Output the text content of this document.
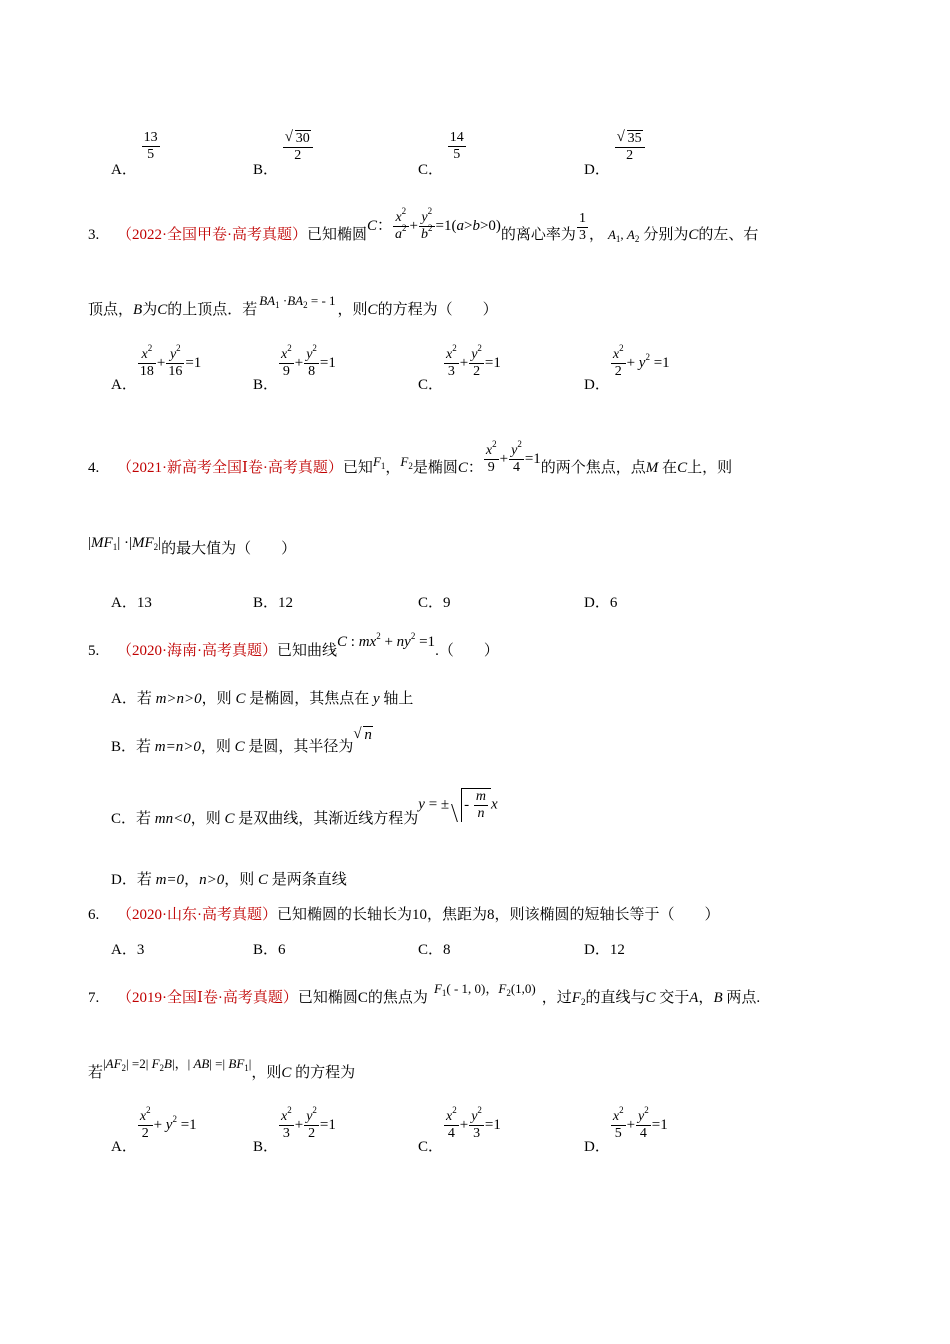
A．
$\frac{13}{5}$
B．
√ $\frac{30}{2}$
C．
$\frac{14}{5}$
D．
√ $\frac{35}{2}$
3. （2022·全国甲卷·高考真题）已知椭圆C： $\frac{x^2}{a^2} + \frac{y^2}{b^2} =1(a>b>0)$的离心率为 $\frac{1}{3}$ ， $A_1$, $A_2$ 分别为C的左、右
顶点，B为C的上顶点．若$BA_1 \cdot BA_2$ = - 1，则C的方程为（　　）
A．
$\frac{x^2}{18} + \frac{y^2}{16} =1$
B．
$\frac{x^2}{9} + \frac{y^2}{8} =1$
C．
$\frac{x^2}{3} + \frac{y^2}{2} =1$
D．
$\frac{x^2}{2} + y^2 =1$
4. （2021·新高考全国Ⅰ卷·高考真题）已知$F_1$，$F_2$是椭圆C： $\frac{x^2}{9} + \frac{y^2}{4} =1$的两个焦点，点M 在C上，则
$|MF_1| \cdot|MF_2|$的最大值为（　　）
A．13	B．12	C．9	D．6
5. （2020·海南·高考真题）已知曲线C : $mx^2 + ny^2 =1$.（　　）
A．若 m>n>0，则 C 是椭圆，其焦点在 y 轴上
B．若 m=n>0，则 C 是圆，其半径为√ n
C．若 mn<0，则 C 是双曲线，其渐近线方程为y = ± - $\frac{m}{n}$ x
D．若 m=0，n>0，则 C 是两条直线
6. （2020·山东·高考真题）已知椭圆的长轴长为10，焦距为8，则该椭圆的短轴长等于（　　）
A．3	B．6	C．8	D．12
7. （2019·全国Ⅰ卷·高考真题）已知椭圆C的焦点为$F_1( - 1$, 0)，$F_2(1,0)$，过$F_2$的直线与C 交于A，B 两点.
若$|AF_2| =2|$ $F_2B|$，| AB| =| $BF_1|$，则C 的方程为
A．
$\frac{x^2}{2} + y^2 =1$
B．
$\frac{x^2}{3} + \frac{y^2}{2} =1$
C．
$\frac{x^2}{4} + \frac{y^2}{3} =1$
D．
$\frac{x^2}{5} + \frac{y^2}{4} =1$
